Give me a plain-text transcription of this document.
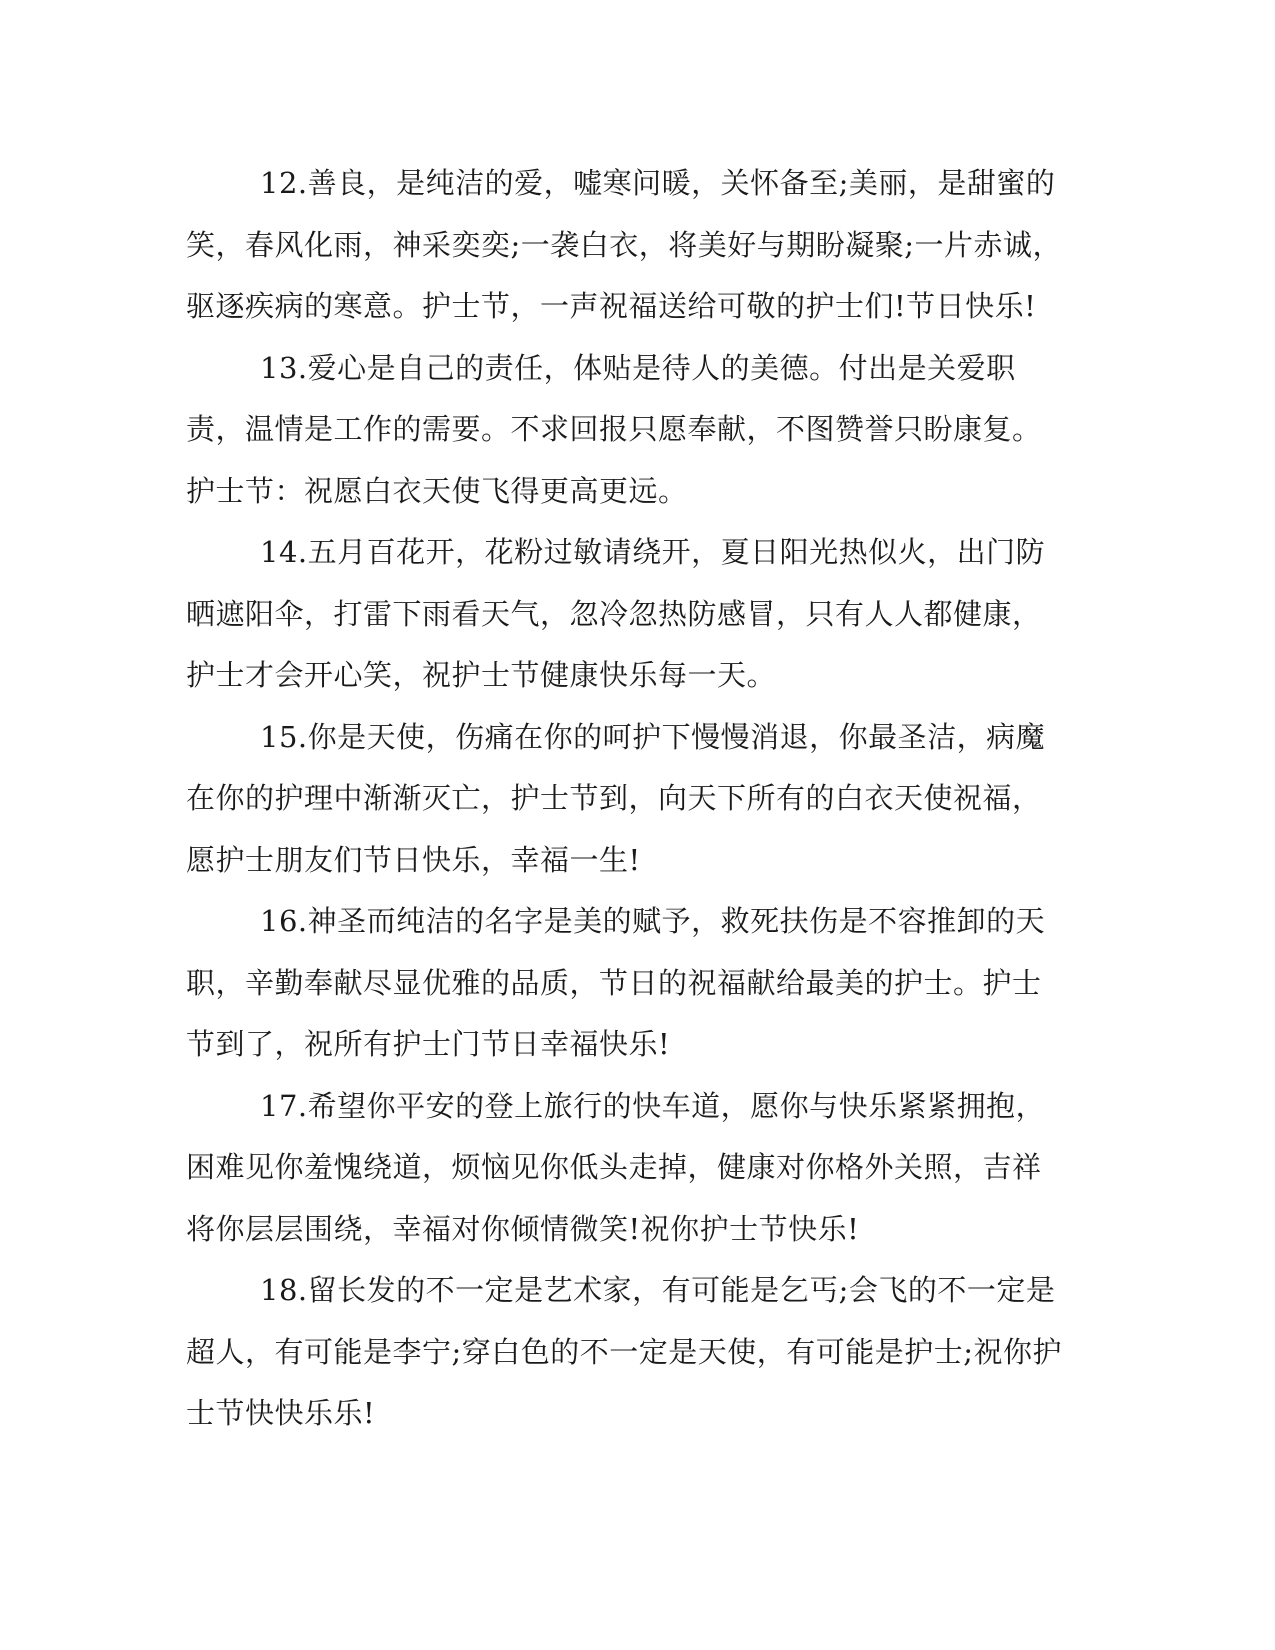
12.善良，是纯洁的爱，嘘寒问暖，关怀备至;美丽，是甜蜜的笑，春风化雨，神采奕奕;一袭白衣，将美好与期盼凝聚;一片赤诚，驱逐疾病的寒意。护士节，一声祝福送给可敬的护士们!节日快乐!

13.爱心是自己的责任，体贴是待人的美德。付出是关爱职责，温情是工作的需要。不求回报只愿奉献，不图赞誉只盼康复。护士节：祝愿白衣天使飞得更高更远。

14.五月百花开，花粉过敏请绕开，夏日阳光热似火，出门防晒遮阳伞，打雷下雨看天气，忽冷忽热防感冒，只有人人都健康，护士才会开心笑，祝护士节健康快乐每一天。

15.你是天使，伤痛在你的呵护下慢慢消退，你最圣洁，病魔在你的护理中渐渐灭亡，护士节到，向天下所有的白衣天使祝福，愿护士朋友们节日快乐，幸福一生!

16.神圣而纯洁的名字是美的赋予，救死扶伤是不容推卸的天职，辛勤奉献尽显优雅的品质，节日的祝福献给最美的护士。护士节到了，祝所有护士门节日幸福快乐!

17.希望你平安的登上旅行的快车道，愿你与快乐紧紧拥抱，困难见你羞愧绕道，烦恼见你低头走掉，健康对你格外关照，吉祥将你层层围绕，幸福对你倾情微笑!祝你护士节快乐!

18.留长发的不一定是艺术家，有可能是乞丐;会飞的不一定是超人，有可能是李宁;穿白色的不一定是天使，有可能是护士;祝你护士节快快乐乐!
